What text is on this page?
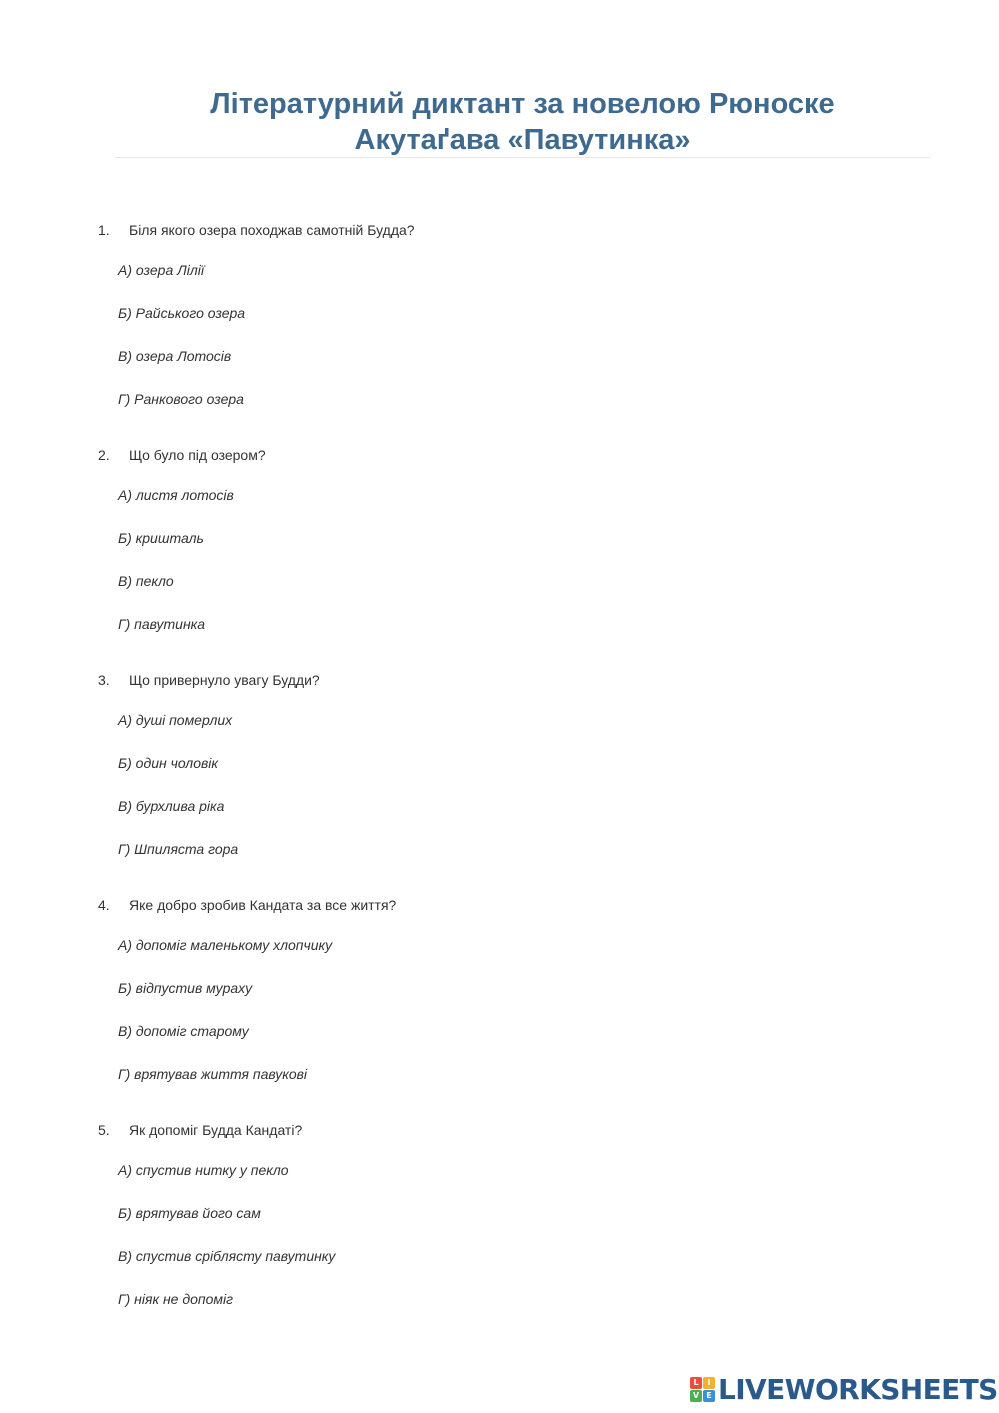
Літературний диктант за новелою Рюноске
Акутаґава «Павутинка»
1. Біля якого озера походжав самотній Будда?
А) озера Лілії
Б) Райського озера
В) озера Лотосів
Г) Ранкового озера
2. Що було під озером?
А) листя лотосів
Б) кришталь
В) пекло
Г) павутинка
3. Що привернуло увагу Будди?
А) душі померлих
Б) один чоловік
В) бурхлива ріка
Г) Шпиляста гора
4. Яке добро зробив Кандата за все життя?
А) допоміг маленькому хлопчику
Б) відпустив мураху
В) допоміг старому
Г) врятував життя павукові
5. Як допоміг Будда Кандаті?
А) спустив нитку у пекло
Б) врятував його сам
В) спустив сріблясту павутинку
Г) ніяк не допоміг
L	I
V E LIVEWORKSHEETS
